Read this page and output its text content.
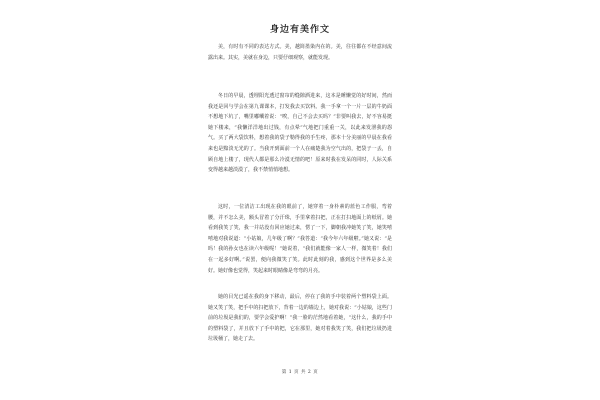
身边有美作文
美，有时有不同的表达方式。美，越简墨染内在的。美，往往都在不经意间流露出来。其实，美就在身边，只要仔细观察，就能发现。
冬日的早晨，透埋阳光透过窗帘的缝隙洒进来，这本是睡懒觉的好时间，然而我还是回与学会在第九课课本，打发我去买饮料。我一手拿一个一片一层的牛奶面不想地下坑了，嘴里嘟囔着说：“唉，自己不会去买吗？”非要叫我去，好不容易挺她下楼来，“我懒洋洋地出过钱，有点晕”气地把门重重一关，以此来发泄我的怨气。买了两大袋饮料，想着我的袋子勒得我的手生疼，那本十分美丽的早晨在我看来也是黯淡无光的了。当我开到面前一个人在痛楚我为空气出的，把袋子一丢，自顾自地上楼了，现代人都是那么冷漠无情的吧！原来时我在发呆的同时，人际关系变得越来越淡漠了，我不禁悄悄地想。
这时，一位清洁工出现在我的眼前了，她穿着一身朴素的蓝色工作服，弯着腰，并不怎么美，额头冒着了分汗珠，手里拿着扫把，正在打扫地面上的纸屑。她看到我笑了笑，我一并站没有回应她过来，愣了一下，脚朝我冲她笑了笑，她笑嘻嘻地对我说道：“小姑娘，几年级了啊？”我答道：“我今年六年级啦。”她又说：“是吗！我的孙女也在读六年级呢！”她说着，“我们就能像一家人一样，微笑着！我们在一起多好啊。”说罢，便向我微笑了笑。此时此刻的我，感到这个世界是多么美好。她好像也觉得，笑起来时眼睛像是弯弯的月亮。
她的目光已遥在我的身下移动，最后，停在了我的手中装着两个塑料袋上面。她又笑了笑，把手中的扫把放下，背着一边的墙边上，她对我说：“小姑娘，这些门前的垃圾是我们的，要学会爱护啊！”我一脸的茫然地看着她，“这什么，我的手中的塑料袋了，并且放下了手中的把，它在那里，她对着我笑了笑，我们把垃圾扔进垃圾桶了，她走了去。
第 1 页 共 2 页
